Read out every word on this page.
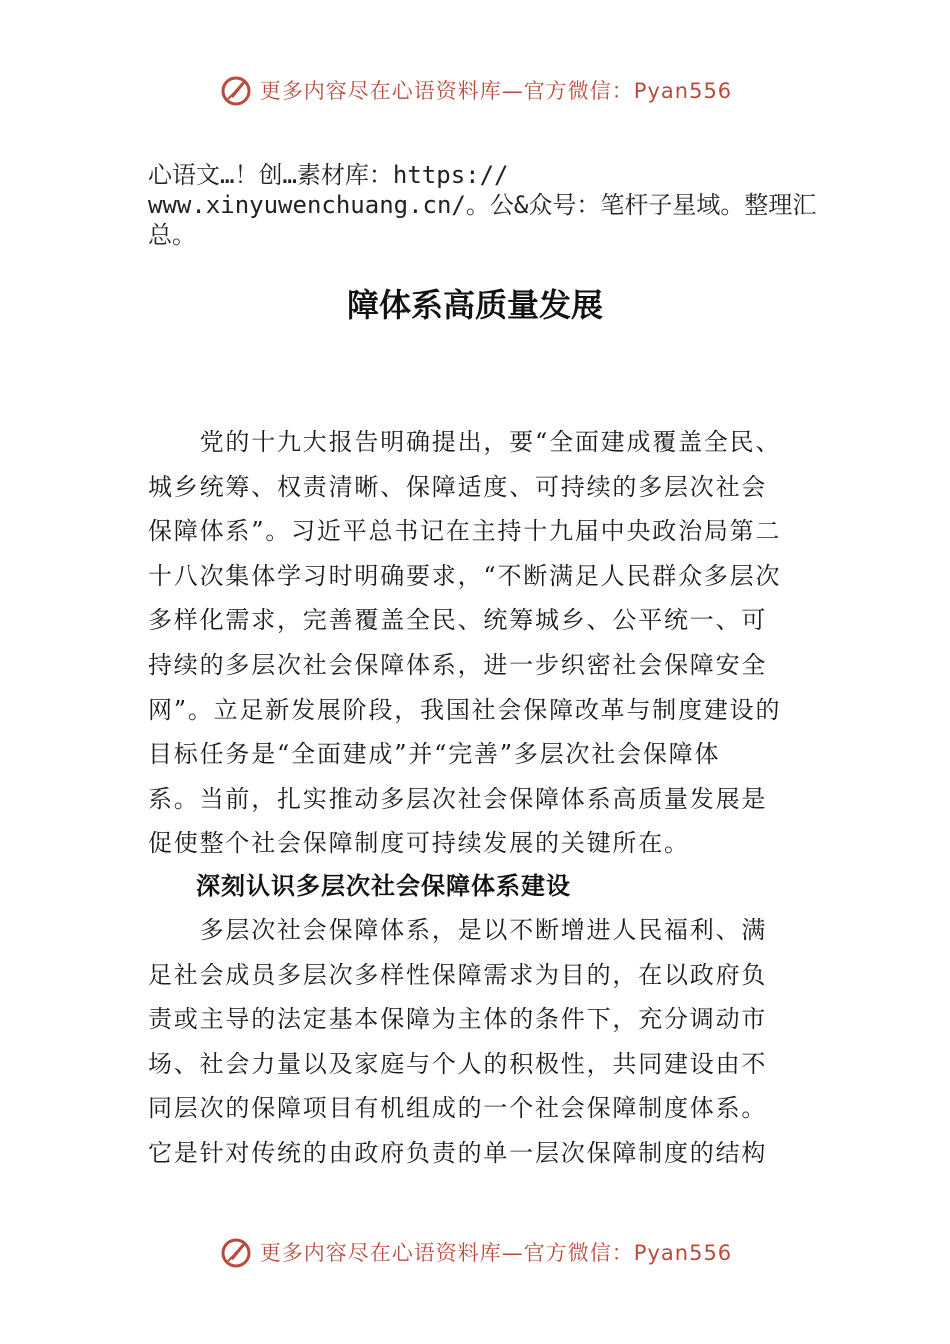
更多内容尽在心语资料库—官方微信：Pyan556
心语文…！创…素材库：https://
www.xinyuwenchuang.cn/。公&众号：笔杆子星域。整理汇
总。
障体系高质量发展
　　党的十九大报告明确提出，要“全面建成覆盖全民、
城乡统筹、权责清晰、保障适度、可持续的多层次社会
保障体系”。习近平总书记在主持十九届中央政治局第二
十八次集体学习时明确要求，“不断满足人民群众多层次
多样化需求，完善覆盖全民、统筹城乡、公平统一、可
持续的多层次社会保障体系，进一步织密社会保障安全
网”。立足新发展阶段，我国社会保障改革与制度建设的
目标任务是“全面建成”并“完善”多层次社会保障体
系。当前，扎实推动多层次社会保障体系高质量发展是
促使整个社会保障制度可持续发展的关键所在。
深刻认识多层次社会保障体系建设
　　多层次社会保障体系，是以不断增进人民福利、满
足社会成员多层次多样性保障需求为目的，在以政府负
责或主导的法定基本保障为主体的条件下，充分调动市
场、社会力量以及家庭与个人的积极性，共同建设由不
同层次的保障项目有机组成的一个社会保障制度体系。
它是针对传统的由政府负责的单一层次保障制度的结构
更多内容尽在心语资料库—官方微信：Pyan556
